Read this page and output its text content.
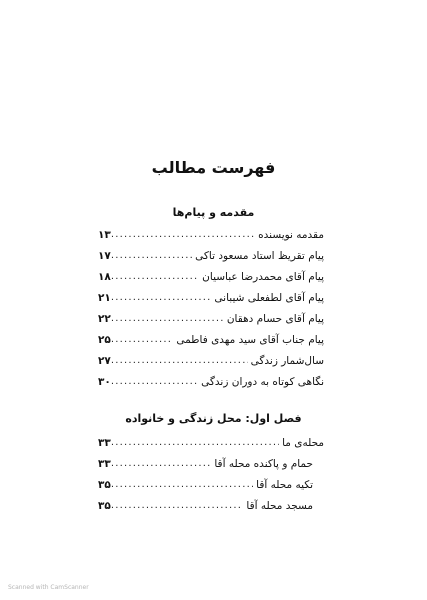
فهرست مطالب
مقدمه و پیام‌ها
مقدمه نویسنده
.....
۱۳
پیام تقریظ استاد مسعود تاکی
.....
۱۷
پیام آقای محمدرضا عباسیان
.....
۱۸
پیام آقای لطفعلی شیبانی
.....
۲۱
پیام آقای حسام دهقان
.....
۲۲
پیام جناب آقای سید مهدی فاطمی
.....
۲۵
سال‌شمار زندگی
.....
۲۷
نگاهی کوتاه به دوران زندگی
.....
۳۰
فصل اول: محل زندگی و خانواده
محله‌ی ما
.....
۳۳
حمام و پاکنده محله آقا
.....
۳۳
تکیه محله آقا
.....
۳۵
مسجد محله آقا
.....
۳۵
Scanned with CamScanner
